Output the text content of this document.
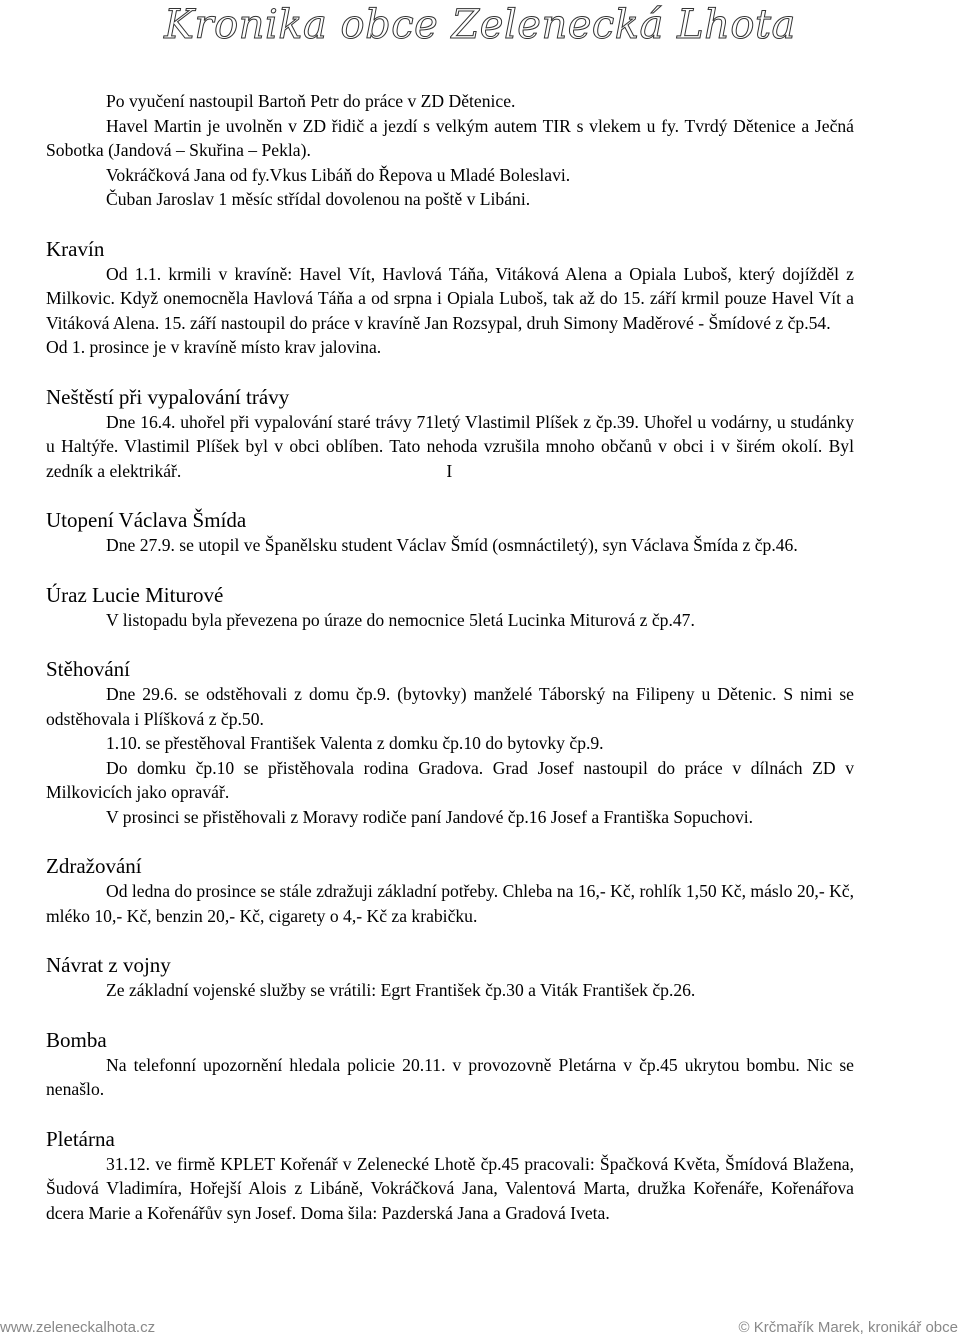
Kronika obce Zelenecká Lhota

Po vyučení nastoupil Bartoň Petr do práce v ZD Dětenice.

Havel Martin je uvolněn v ZD řidič a jezdí s velkým autem TIR s vlekem u fy. Tvrdý Dětenice a Ječná Sobotka (Jandová – Skuřina – Pekla).

Vokráčková Jana od fy.Vkus Libáň do Řepova u Mladé Boleslavi.

Čuban Jaroslav 1 měsíc střídal dovolenou na poště v Libáni.

Kravín

Od 1.1. krmili v kravíně: Havel Vít, Havlová Táňa, Vitáková Alena a Opiala Luboš, který dojížděl z Milkovic. Když onemocněla Havlová Táňa a od srpna i Opiala Luboš, tak až do 15. září krmil pouze Havel Vít a Vitáková Alena. 15. září nastoupil do práce v kravíně Jan Rozsypal, druh Simony Maděrové - Šmídové z čp.54.

Od 1. prosince je v kravíně místo krav jalovina.

Neštěstí při vypalování trávy

Dne 16.4. uhořel při vypalování staré trávy 71letý Vlastimil Plíšek z čp.39. Uhořel u vodárny, u studánky u Haltýře. Vlastimil Plíšek byl v obci oblíben. Tato nehoda vzrušila mnoho občanů v obci i v širém okolí. Byl zedník a elektrikář.	I

Utopení Václava Šmída

Dne 27.9. se utopil ve Španělsku student Václav Šmíd (osmnáctiletý), syn Václava Šmída z čp.46.

Úraz Lucie Miturové

V listopadu byla převezena po úraze do nemocnice 5letá Lucinka Miturová z čp.47.

Stěhování

Dne 29.6. se odstěhovali z domu čp.9. (bytovky) manželé Táborský na Filipeny u Dětenic. S nimi se odstěhovala i Plíšková z čp.50.

1.10. se přestěhoval František Valenta z domku čp.10 do bytovky čp.9.

Do domku čp.10 se přistěhovala rodina Gradova. Grad Josef nastoupil do práce v dílnách ZD v Milkovicích jako opravář.

V prosinci se přistěhovali z Moravy rodiče paní Jandové čp.16 Josef a Františka Sopuchovi.

Zdražování

Od ledna do prosince se stále zdražuji základní potřeby. Chleba na 16,- Kč, rohlík 1,50 Kč, máslo 20,- Kč, mléko 10,- Kč, benzin 20,- Kč, cigarety o 4,- Kč za krabičku.

Návrat z vojny

Ze základní vojenské služby se vrátili: Egrt František čp.30 a Viták František čp.26.

Bomba

Na telefonní upozornění hledala policie 20.11. v provozovně Pletárna v čp.45 ukrytou bombu. Nic se nenašlo.

Pletárna

31.12. ve firmě KPLET Kořenář v Zelenecké Lhotě čp.45 pracovali: Špačková Květa, Šmídová Blažena, Šudová Vladimíra, Hořejší Alois z Libáně, Vokráčková Jana, Valentová Marta, družka Kořenáře, Kořenářova dcera Marie a Kořenářův syn Josef. Doma šila: Pazderská Jana a Gradová Iveta.

www.zeleneckalhota.cz	© Krčmařík Marek, kronikář obce
